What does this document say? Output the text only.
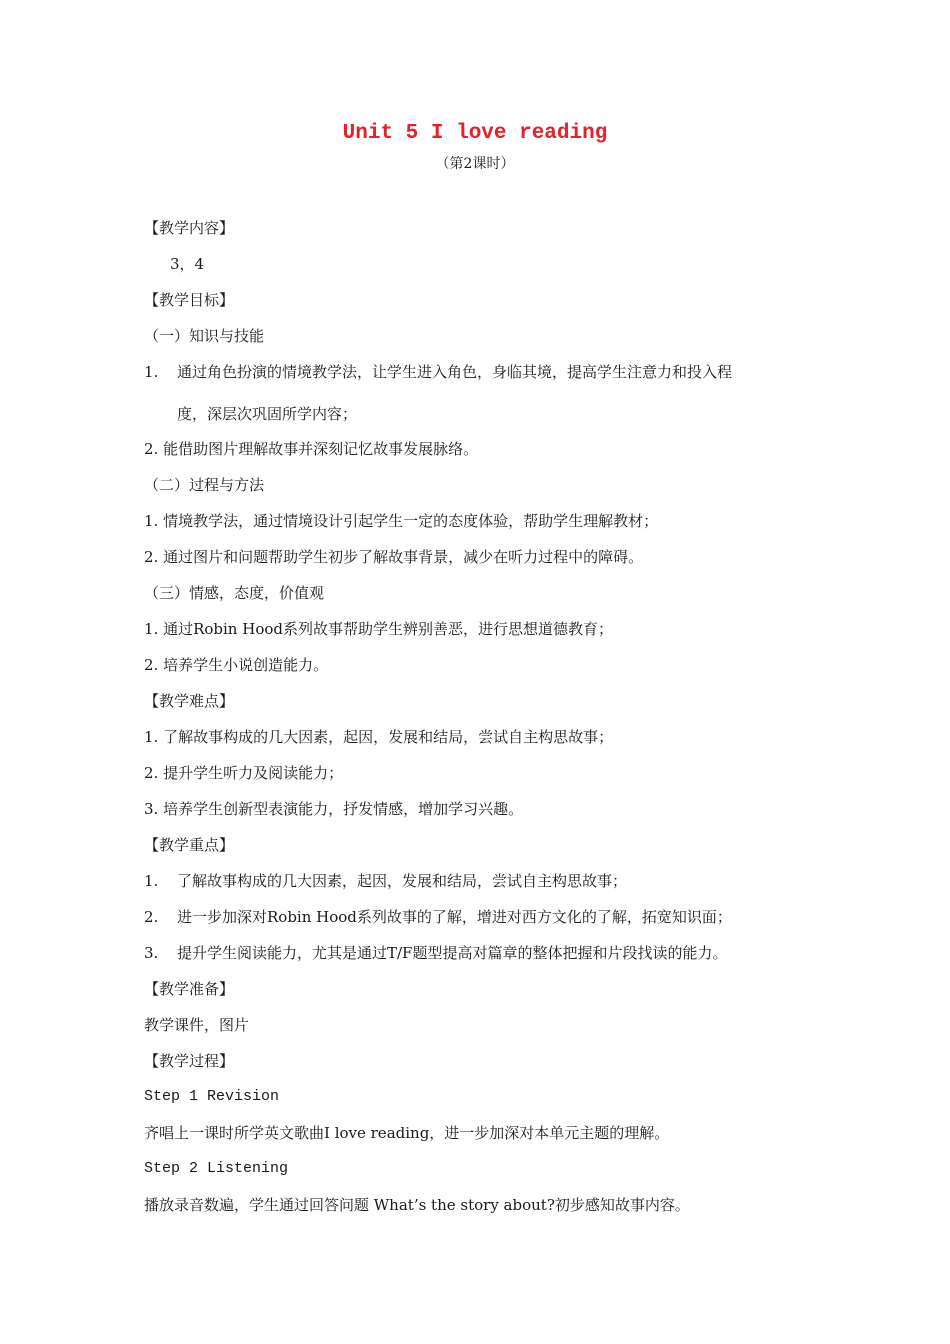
Unit 5 I love reading
（第2课时）
【教学内容】
3，4
【教学目标】
（一）知识与技能
1. 通过角色扮演的情境教学法，让学生进入角色，身临其境，提高学生注意力和投入程
度，深层次巩固所学内容；
2. 能借助图片理解故事并深刻记忆故事发展脉络。
（二）过程与方法
1. 情境教学法，通过情境设计引起学生一定的态度体验，帮助学生理解教材；
2. 通过图片和问题帮助学生初步了解故事背景，减少在听力过程中的障碍。
（三）情感，态度，价值观
1. 通过Robin Hood系列故事帮助学生辨别善恶，进行思想道德教育；
2. 培养学生小说创造能力。
【教学难点】
1. 了解故事构成的几大因素，起因，发展和结局，尝试自主构思故事；
2. 提升学生听力及阅读能力；
3. 培养学生创新型表演能力，抒发情感，增加学习兴趣。
【教学重点】
1. 了解故事构成的几大因素，起因，发展和结局，尝试自主构思故事；
2. 进一步加深对Robin Hood系列故事的了解，增进对西方文化的了解，拓宽知识面；
3. 提升学生阅读能力，尤其是通过T/F题型提高对篇章的整体把握和片段找读的能力。
【教学准备】
教学课件，图片
【教学过程】
Step 1 Revision
齐唱上一课时所学英文歌曲I love reading，进一步加深对本单元主题的理解。
Step 2 Listening
播放录音数遍，学生通过回答问题 What’s the story about?初步感知故事内容。
